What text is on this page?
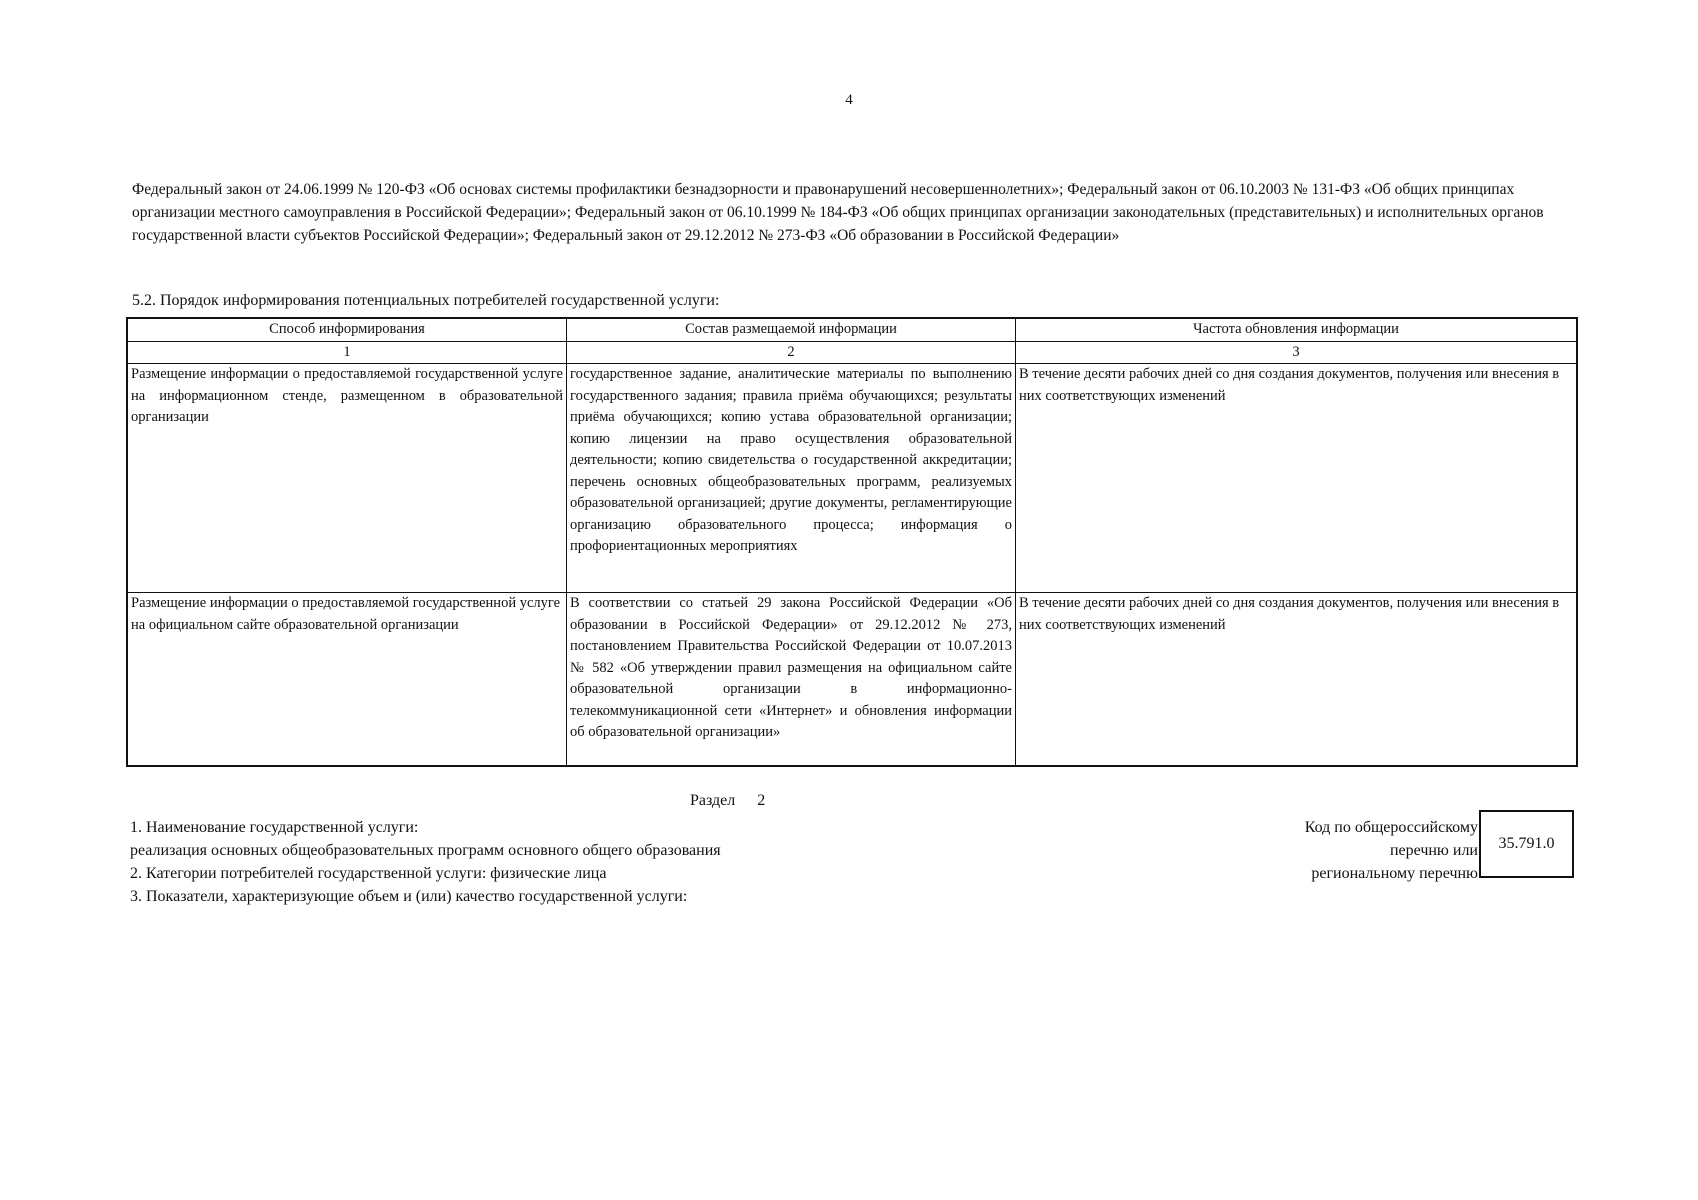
4
Федеральный закон от 24.06.1999 № 120-ФЗ «Об основах системы профилактики безнадзорности и правонарушений несовершеннолетних»; Федеральный закон от 06.10.2003 № 131-ФЗ «Об общих принципах организации местного самоуправления в Российской Федерации»; Федеральный закон от 06.10.1999 № 184-ФЗ «Об общих принципах организации законодательных (представительных) и исполнительных органов государственной власти субъектов Российской Федерации»; Федеральный закон от 29.12.2012 № 273-ФЗ «Об образовании в Российской Федерации»
5.2. Порядок информирования потенциальных потребителей государственной услуги:
Способ информирования	Состав размещаемой информации	Частота обновления информации
1	2	3
Размещение информации о предоставляемой государственной услуге на информационном стенде, размещенном в образовательной организации	государственное задание, аналитические материалы по выполнению государственного задания; правила приёма обучающихся; результаты приёма обучающихся; копию устава образовательной организации; копию лицензии на право осуществления образовательной деятельности; копию свидетельства о государственной аккредитации; перечень основных общеобразовательных программ, реализуемых образовательной организацией; другие документы, регламентирующие организацию образовательного процесса; информация о профориентационных мероприятиях	В течение десяти рабочих дней со дня создания документов, получения или внесения в них соответствующих изменений
Размещение информации о предоставляемой государственной услуге на официальном сайте образовательной организации	В соответствии со статьей 29 закона Российской Федерации «Об образовании в Российской Федерации» от 29.12.2012 № 273, постановлением Правительства Российской Федерации от 10.07.2013 № 582 «Об утверждении правил размещения на официальном сайте образовательной организации в информационно-телекоммуникационной сети «Интернет» и обновления информации об образовательной организации»	В течение десяти рабочих дней со дня создания документов, получения или внесения в них соответствующих изменений
Раздел 2
1. Наименование государственной услуги:
реализация основных общеобразовательных программ основного общего образования
2. Категории потребителей государственной услуги: физические лица
3. Показатели, характеризующие объем и (или) качество государственной услуги:
Код по общероссийскому
перечню или
региональному перечню
35.791.0
